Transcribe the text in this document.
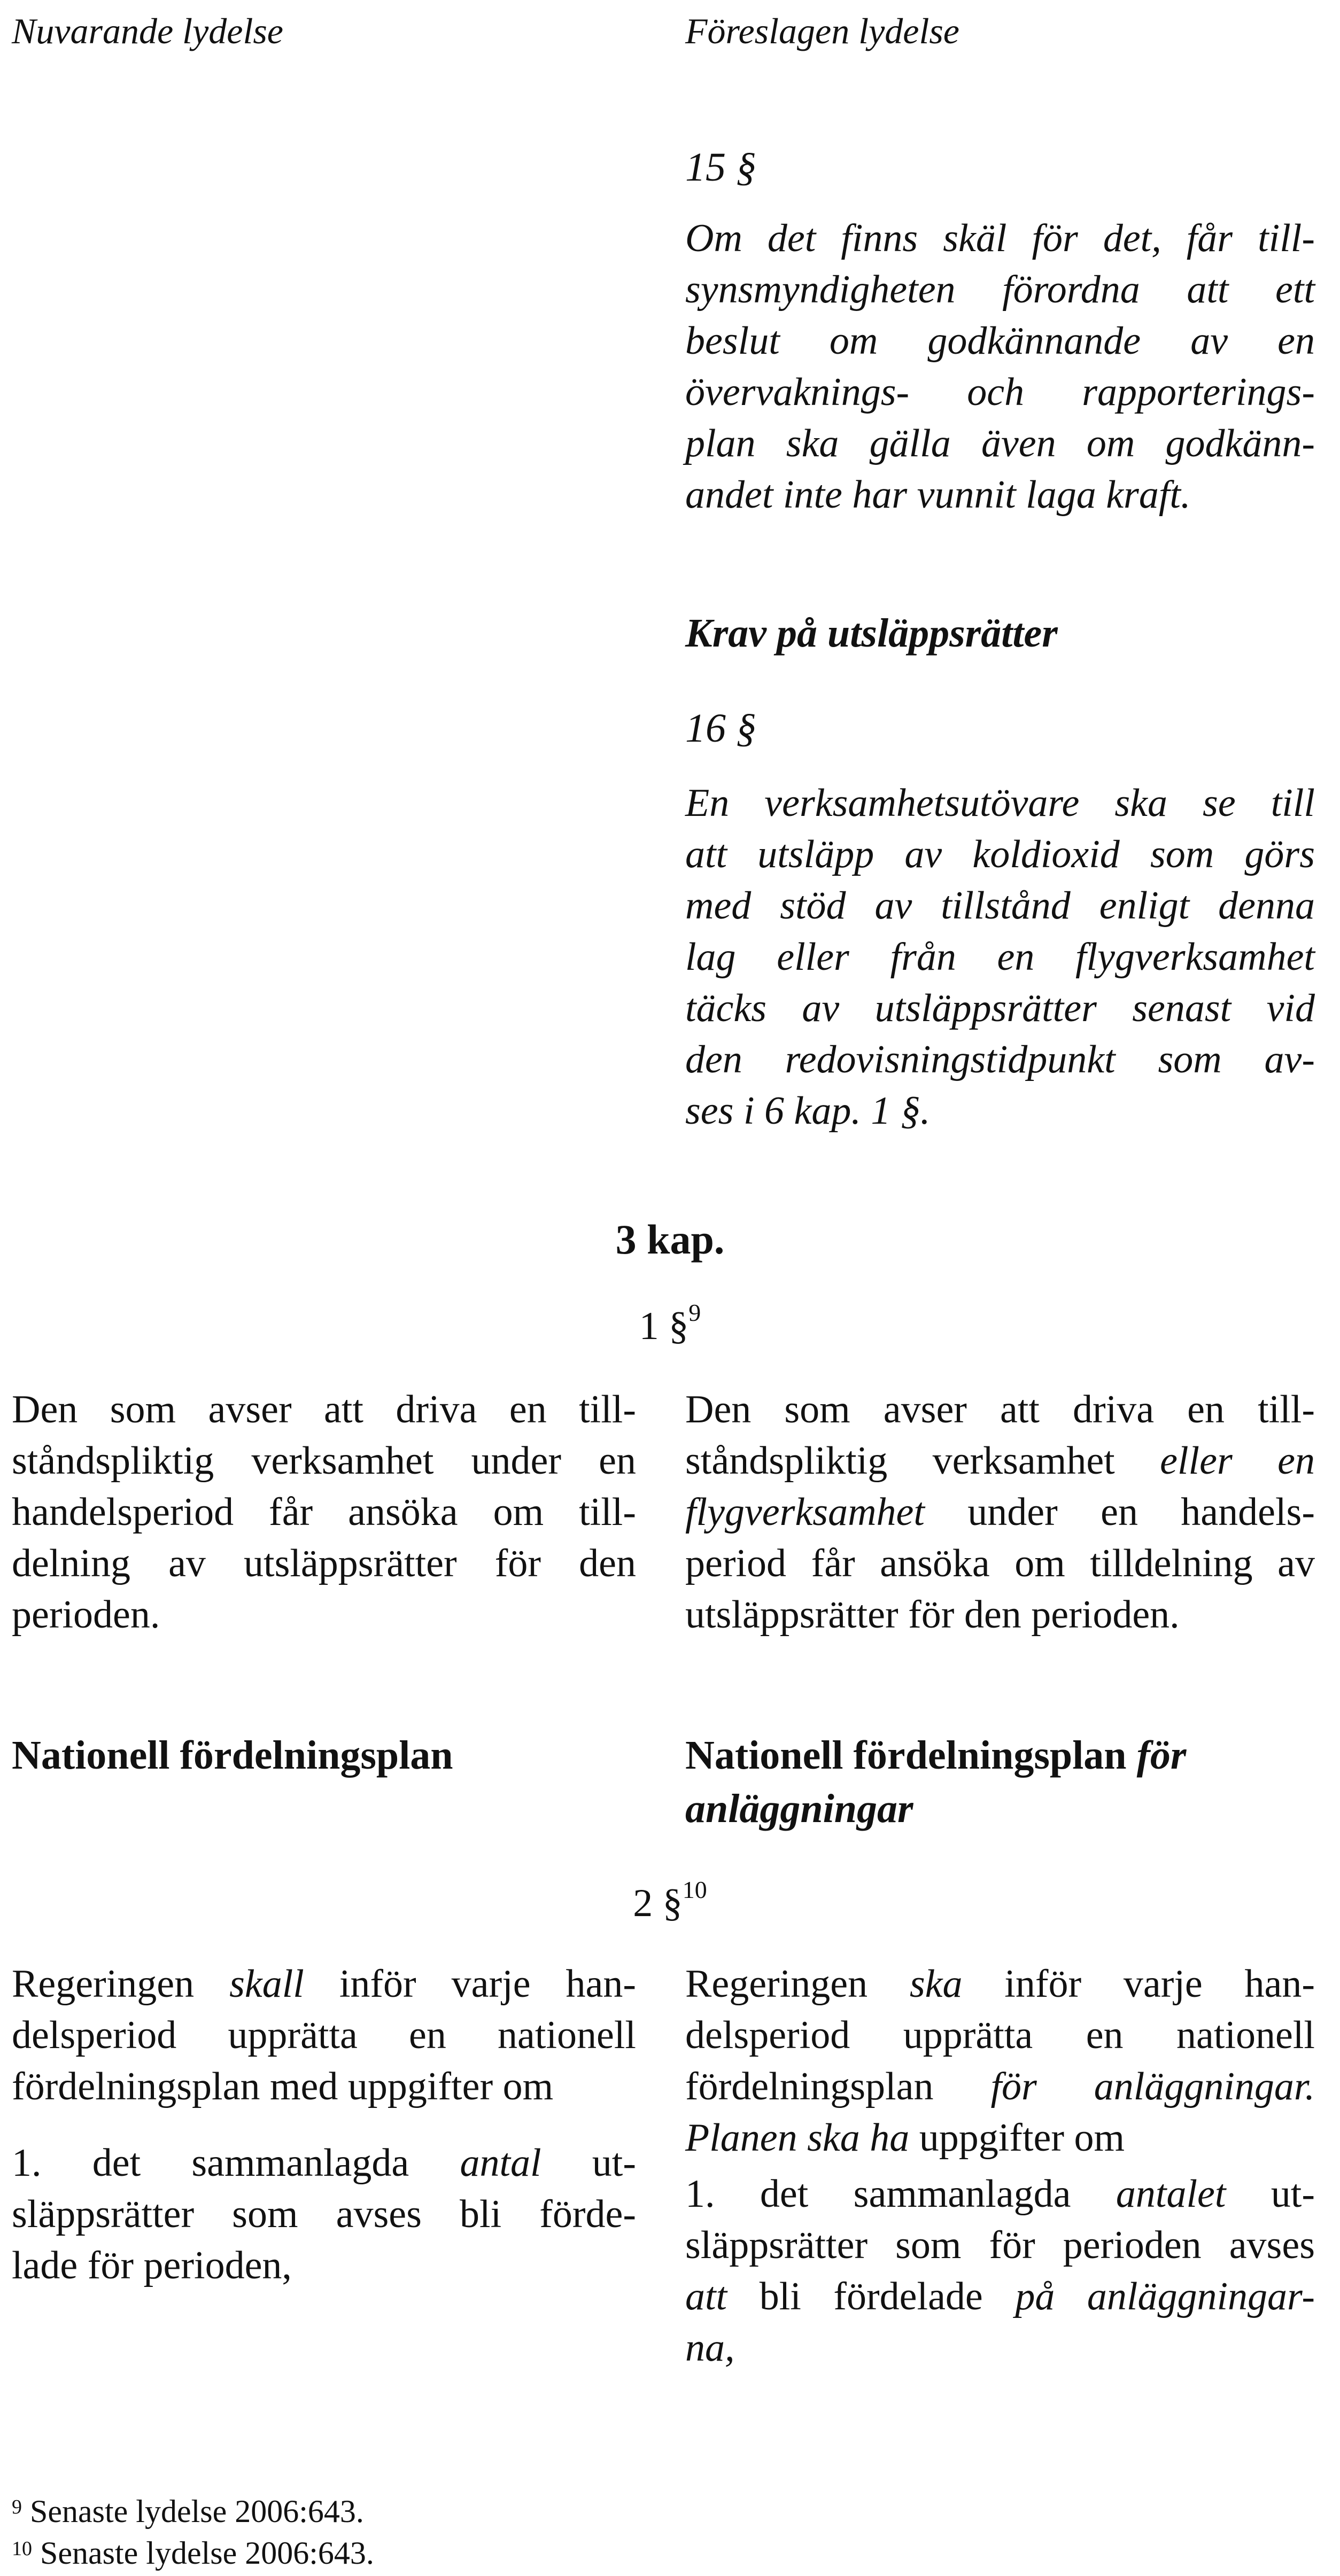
Nuvarande lydelse	Föreslagen lydelse
15 §
Om det finns skäl för det, får till-
synsmyndigheten förordna att ett
beslut om godkännande av en
övervaknings- och rapporterings-
plan ska gälla även om godkänn-
andet inte har vunnit laga kraft.
Krav på utsläppsrätter
16 §
En verksamhetsutövare ska se till
att utsläpp av koldioxid som görs
med stöd av tillstånd enligt denna
lag eller från en flygverksamhet
täcks av utsläppsrätter senast vid
den redovisningstidpunkt som av-
ses i 6 kap. 1 §.
3 kap.
1 §$^9$
Den som avser att driva en till-
ståndspliktig verksamhet under en
handelsperiod får ansöka om till-
delning av utsläppsrätter för den
perioden.
Den som avser att driva en till-
ståndspliktig verksamhet eller en
flygverksamhet under en handels-
period får ansöka om tilldelning av
utsläppsrätter för den perioden.
Nationell fördelningsplan	Nationell fördelningsplan för
anläggningar
2 §$^{10}$
Regeringen skall inför varje han-
delsperiod upprätta en nationell
fördelningsplan med uppgifter om
1. det sammanlagda antal ut-
släppsrätter som avses bli förde-
lade för perioden,
Regeringen ska inför varje han-
delsperiod upprätta en nationell
fördelningsplan för anläggningar.
Planen ska ha uppgifter om
1. det sammanlagda antalet ut-
släppsrätter som för perioden avses
att bli fördelade på anläggningar-
na,
$^9$ Senaste lydelse 2006:643.
$^{10}$ Senaste lydelse 2006:643.
